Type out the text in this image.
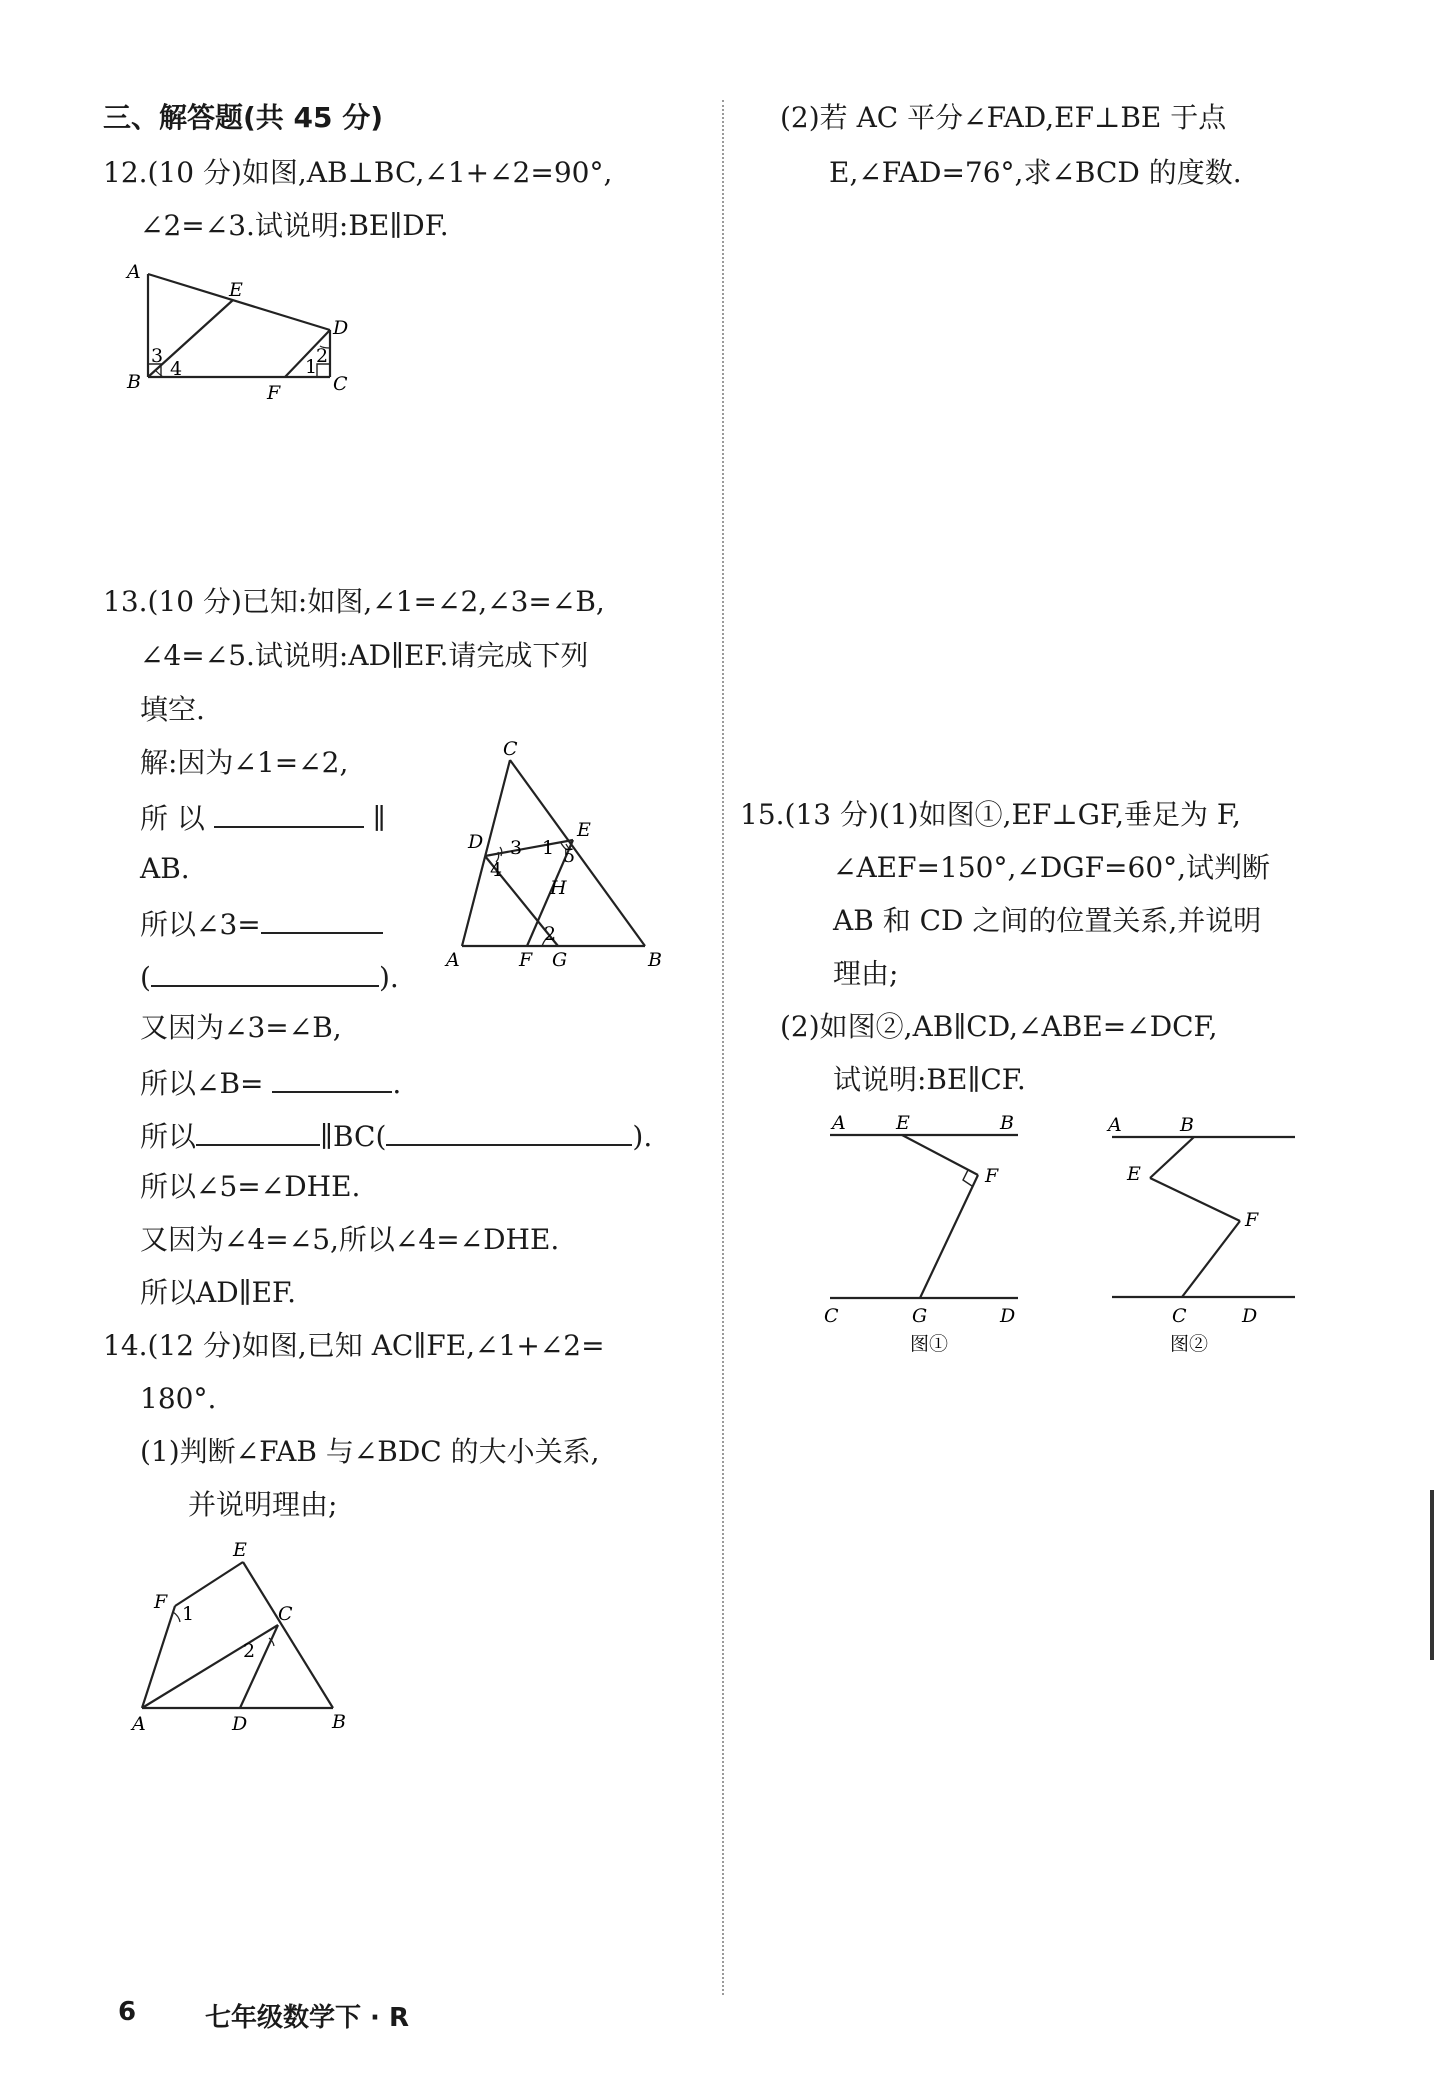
三、解答题(共 45 分)
12.(10 分)如图,AB⊥BC,∠1+∠2=90°,
∠2=∠3.试说明:BE∥DF.
A
B	C
D
E
F
1
2
3
4
13.(10 分)已知:如图,∠1=∠2,∠3=∠B,
∠4=∠5.试说明:AD∥EF.请完成下列
填空.
解:因为∠1=∠2,
所 以	∥
AB.
所以∠3=
(	).
又因为∠3=∠B,
所以∠B=	.
所以	∥BC(	).
所以∠5=∠DHE.
又因为∠4=∠5,所以∠4=∠DHE.
所以AD∥EF.
C
D
E
A	F G	B
H
1
2
3
4
5
14.(12 分)如图,已知 AC∥FE,∠1+∠2=
180°.
(1)判断∠FAB 与∠BDC 的大小关系,
并说明理由;
E
F
C
A	D	B
1
2
6	七年级数学下 · R
(2)若 AC 平分∠FAD,EF⊥BE 于点
E,∠FAD=76°,求∠BCD 的度数.
15.(13 分)(1)如图①,EF⊥GF,垂足为 F,
∠AEF=150°,∠DGF=60°,试判断
AB 和 CD 之间的位置关系,并说明
理由;
(2)如图②,AB∥CD,∠ABE=∠DCF,
试说明:BE∥CF.
A	E	B
F
C	G	D
图①
A	B
E
F
C	D
图②
